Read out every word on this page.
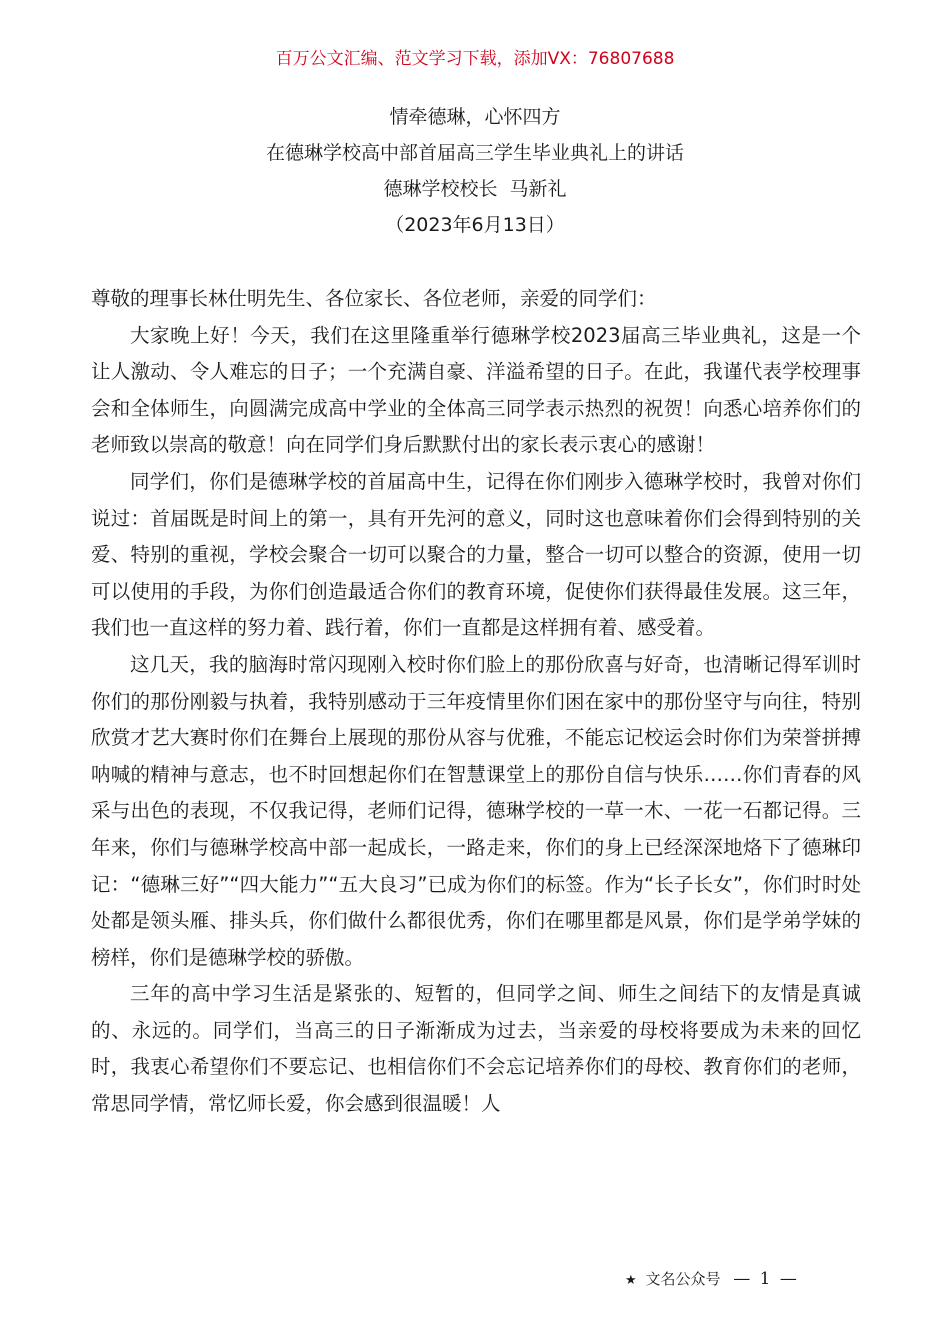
百万公文汇编、范文学习下载，添加VX：76807688
情牵德琳，心怀四方
在德琳学校高中部首届高三学生毕业典礼上的讲话
德琳学校校长  马新礼
（2023年6月13日）

尊敬的理事长林仕明先生、各位家长、各位老师，亲爱的同学们：

大家晚上好！今天，我们在这里隆重举行德琳学校2023届高三毕业典礼，这是一个让人激动、令人难忘的日子；一个充满自豪、洋溢希望的日子。在此，我谨代表学校理事会和全体师生，向圆满完成高中学业的全体高三同学表示热烈的祝贺！向悉心培养你们的老师致以崇高的敬意！向在同学们身后默默付出的家长表示衷心的感谢！

同学们，你们是德琳学校的首届高中生，记得在你们刚步入德琳学校时，我曾对你们说过：首届既是时间上的第一，具有开先河的意义，同时这也意味着你们会得到特别的关爱、特别的重视，学校会聚合一切可以聚合的力量，整合一切可以整合的资源，使用一切可以使用的手段，为你们创造最适合你们的教育环境，促使你们获得最佳发展。这三年，我们也一直这样的努力着、践行着，你们一直都是这样拥有着、感受着。

这几天，我的脑海时常闪现刚入校时你们脸上的那份欣喜与好奇，也清晰记得军训时你们的那份刚毅与执着，我特别感动于三年疫情里你们困在家中的那份坚守与向往，特别欣赏才艺大赛时你们在舞台上展现的那份从容与优雅，不能忘记校运会时你们为荣誉拼搏呐喊的精神与意志，也不时回想起你们在智慧课堂上的那份自信与快乐……你们青春的风采与出色的表现，不仅我记得，老师们记得，德琳学校的一草一木、一花一石都记得。三年来，你们与德琳学校高中部一起成长，一路走来，你们的身上已经深深地烙下了德琳印记：“德琳三好”“四大能力”“五大良习”已成为你们的标签。作为“长子长女”，你们时时处处都是领头雁、排头兵，你们做什么都很优秀，你们在哪里都是风景，你们是学弟学妹的榜样，你们是德琳学校的骄傲。

三年的高中学习生活是紧张的、短暂的，但同学之间、师生之间结下的友情是真诚的、永远的。同学们，当高三的日子渐渐成为过去，当亲爱的母校将要成为未来的回忆时，我衷心希望你们不要忘记、也相信你们不会忘记培养你们的母校、教育你们的老师，常思同学情，常忆师长爱，你会感到很温暖！人

★ 文名公众号 — 1 —
